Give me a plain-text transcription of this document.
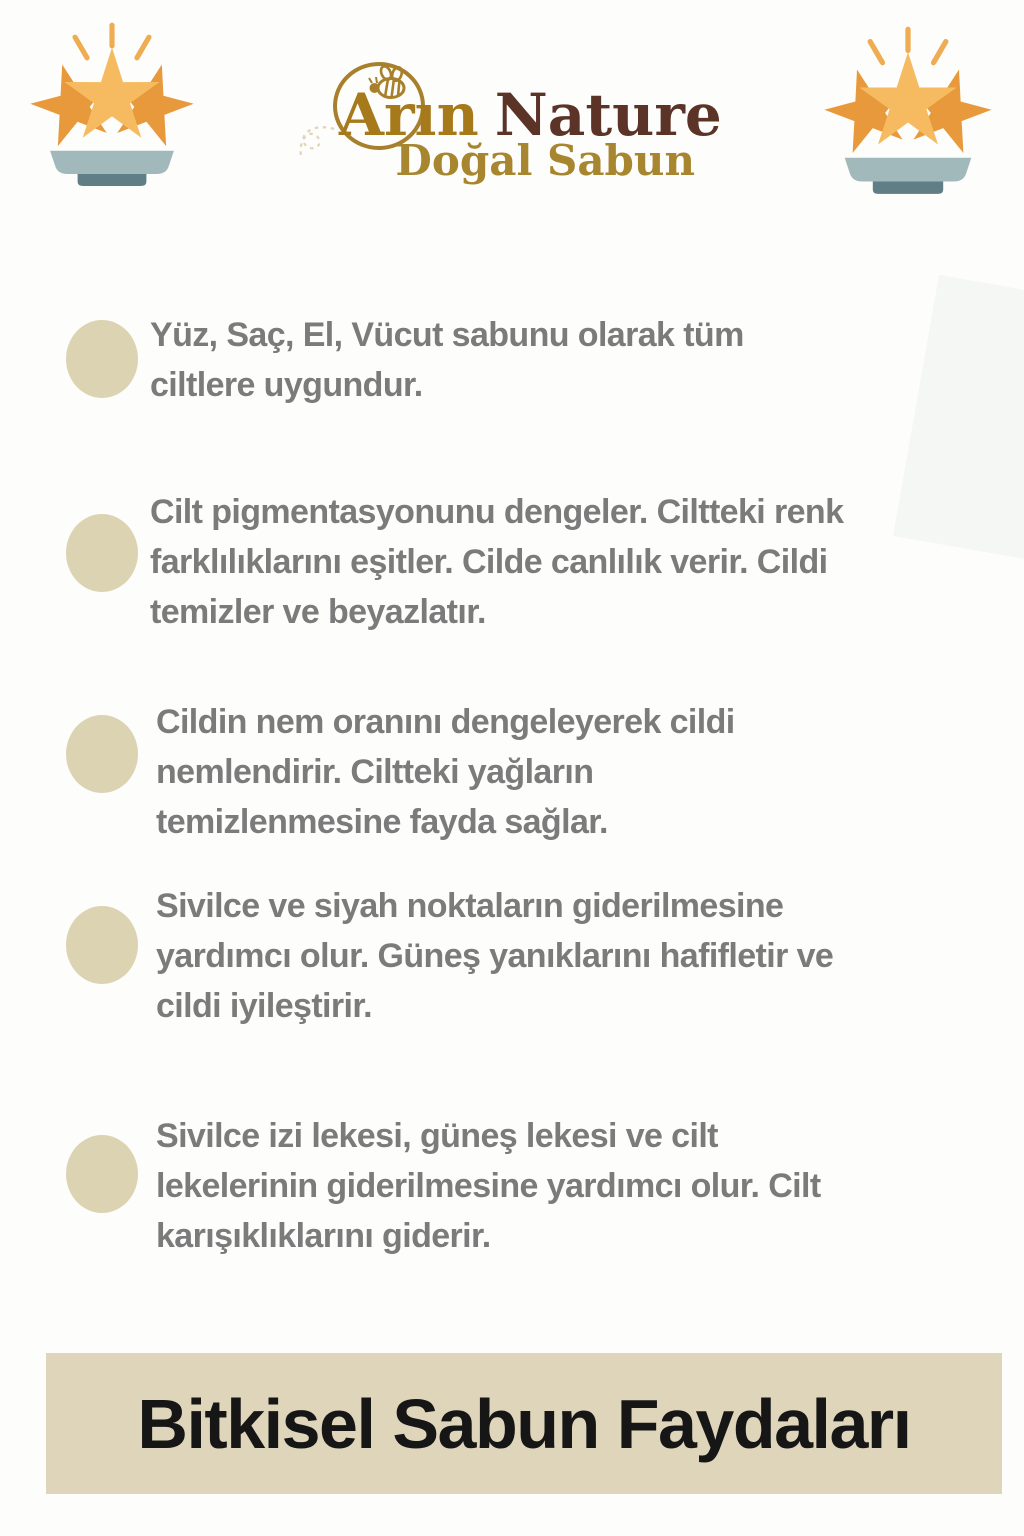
Arın Nature
Doğal Sabun
Yüz, Saç, El, Vücut sabunu olarak tüm
ciltlere uygundur.
Cilt pigmentasyonunu dengeler. Ciltteki renk
farklılıklarını eşitler. Cilde canlılık verir. Cildi
temizler ve beyazlatır.
Cildin nem oranını dengeleyerek cildi
nemlendirir. Ciltteki yağların
temizlenmesine fayda sağlar.
Sivilce ve siyah noktaların giderilmesine
yardımcı olur. Güneş yanıklarını hafifletir ve
cildi iyileştirir.
Sivilce izi lekesi, güneş lekesi ve cilt
lekelerinin giderilmesine yardımcı olur. Cilt
karışıklıklarını giderir.
Bitkisel Sabun Faydaları
